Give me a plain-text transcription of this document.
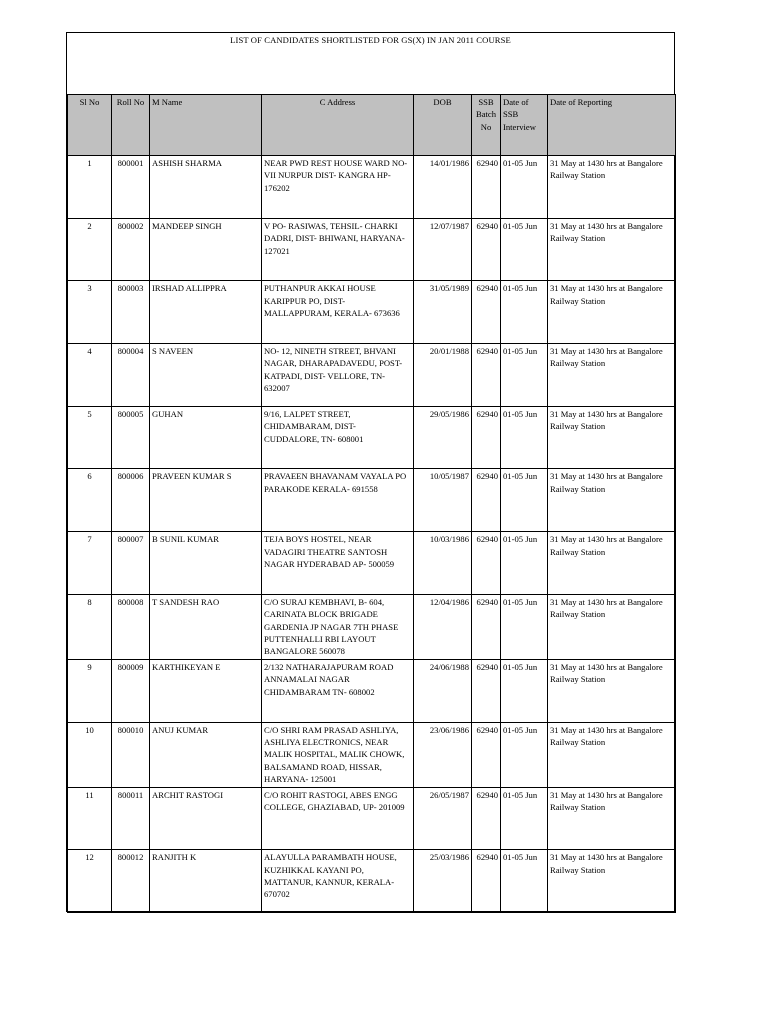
LIST OF CANDIDATES SHORTLISTED FOR GS(X) IN JAN 2011 COURSE
Sl No	Roll No	M Name	C Address	DOB	SSB Batch No	Date of SSB Interview	Date of Reporting
1	800001	ASHISH SHARMA	NEAR PWD REST HOUSE WARD NO-VII NURPUR DIST- KANGRA HP- 176202	14/01/1986	62940	01-05 Jun	31 May at 1430 hrs at Bangalore Railway Station
2	800002	MANDEEP SINGH	V PO- RASIWAS, TEHSIL- CHARKI DADRI, DIST- BHIWANI, HARYANA- 127021	12/07/1987	62940	01-05 Jun	31 May at 1430 hrs at Bangalore Railway Station
3	800003	IRSHAD ALLIPPRA	PUTHANPUR AKKAI HOUSE KARIPPUR PO, DIST- MALLAPPURAM, KERALA- 673636	31/05/1989	62940	01-05 Jun	31 May at 1430 hrs at Bangalore Railway Station
4	800004	S NAVEEN	NO- 12, NINETH STREET, BHVANI NAGAR, DHARAPADAVEDU, POST- KATPADI, DIST- VELLORE, TN- 632007	20/01/1988	62940	01-05 Jun	31 May at 1430 hrs at Bangalore Railway Station
5	800005	GUHAN	9/16, LALPET STREET, CHIDAMBARAM, DIST- CUDDALORE, TN- 608001	29/05/1986	62940	01-05 Jun	31 May at 1430 hrs at Bangalore Railway Station
6	800006	PRAVEEN KUMAR S	PRAVAEEN BHAVANAM VAYALA PO PARAKODE KERALA- 691558	10/05/1987	62940	01-05 Jun	31 May at 1430 hrs at Bangalore Railway Station
7	800007	B SUNIL KUMAR	TEJA BOYS HOSTEL, NEAR VADAGIRI THEATRE SANTOSH NAGAR HYDERABAD AP- 500059	10/03/1986	62940	01-05 Jun	31 May at 1430 hrs at Bangalore Railway Station
8	800008	T SANDESH RAO	C/O SURAJ KEMBHAVI, B- 604, CARINATA BLOCK BRIGADE GARDENIA JP NAGAR 7TH PHASE PUTTENHALLI RBI LAYOUT BANGALORE 560078	12/04/1986	62940	01-05 Jun	31 May at 1430 hrs at Bangalore Railway Station
9	800009	KARTHIKEYAN E	2/132 NATHARAJAPURAM ROAD ANNAMALAI NAGAR CHIDAMBARAM TN- 608002	24/06/1988	62940	01-05 Jun	31 May at 1430 hrs at Bangalore Railway Station
10	800010	ANUJ KUMAR	C/O SHRI RAM PRASAD ASHLIYA, ASHLIYA ELECTRONICS, NEAR MALIK HOSPITAL, MALIK CHOWK, BALSAMAND ROAD, HISSAR, HARYANA- 125001	23/06/1986	62940	01-05 Jun	31 May at 1430 hrs at Bangalore Railway Station
11	800011	ARCHIT RASTOGI	C/O ROHIT RASTOGI, ABES ENGG COLLEGE, GHAZIABAD, UP- 201009	26/05/1987	62940	01-05 Jun	31 May at 1430 hrs at Bangalore Railway Station
12	800012	RANJITH K	ALAYULLA PARAMBATH HOUSE, KUZHIKKAL KAYANI PO, MATTANUR, KANNUR, KERALA- 670702	25/03/1986	62940	01-05 Jun	31 May at 1430 hrs at Bangalore Railway Station
